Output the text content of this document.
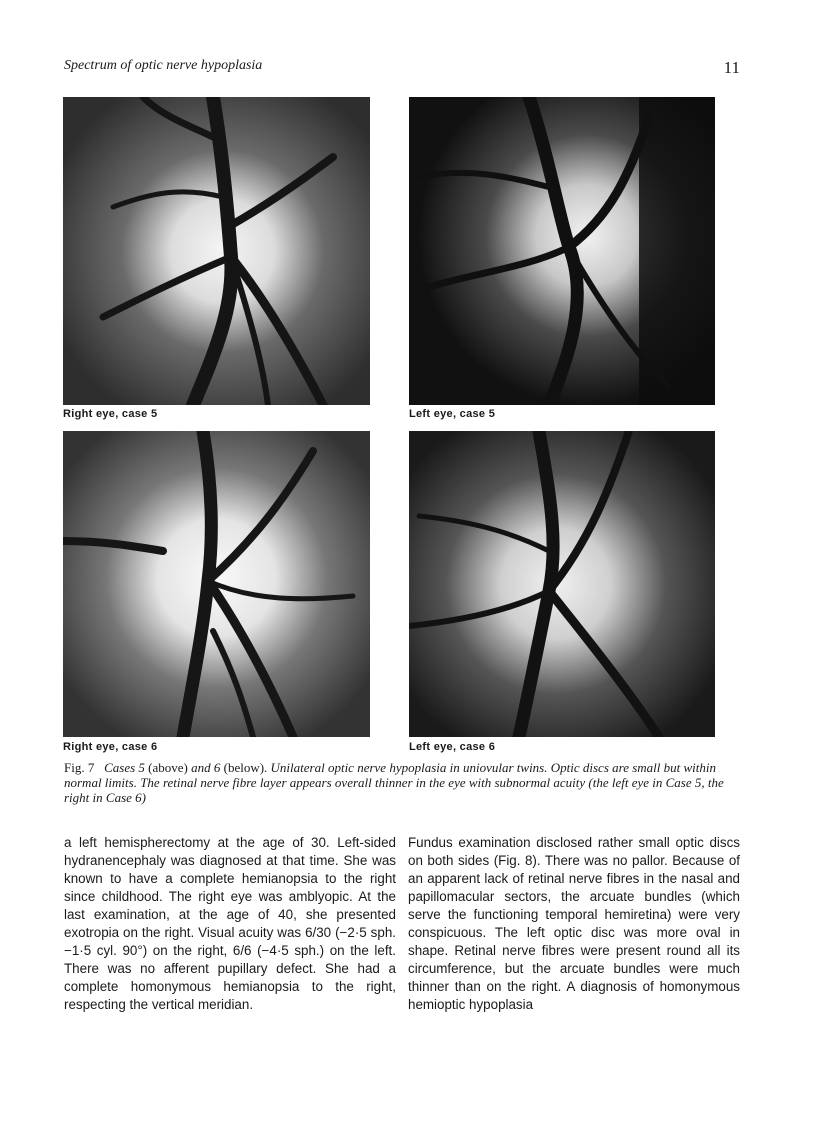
Spectrum of optic nerve hypoplasia	11
Right eye, case 5	Left eye, case 5
Right eye, case 6	Left eye, case 6
Fig. 7 Cases 5 (above) and 6 (below). Unilateral optic nerve hypoplasia in uniovular twins. Optic discs are small but within normal limits. The retinal nerve fibre layer appears overall thinner in the eye with subnormal acuity (the left eye in Case 5, the right in Case 6)

a left hemispherectomy at the age of 30. Left-sided hydranencephaly was diagnosed at that time. She was known to have a complete hemianopsia to the right since childhood. The right eye was amblyopic. At the last examination, at the age of 40, she presented exotropia on the right. Visual acuity was 6/30 (−2·5 sph. −1·5 cyl. 90°) on the right, 6/6 (−4·5 sph.) on the left. There was no afferent pupillary defect. She had a complete homonymous hemianopsia to the right, respecting the vertical meridian.

Fundus examination disclosed rather small optic discs on both sides (Fig. 8). There was no pallor. Because of an apparent lack of retinal nerve fibres in the nasal and papillomacular sectors, the arcuate bundles (which serve the functioning temporal hemiretina) were very conspicuous. The left optic disc was more oval in shape. Retinal nerve fibres were present round all its circumference, but the arcuate bundles were much thinner than on the right. A diagnosis of homonymous hemioptic hypoplasia
